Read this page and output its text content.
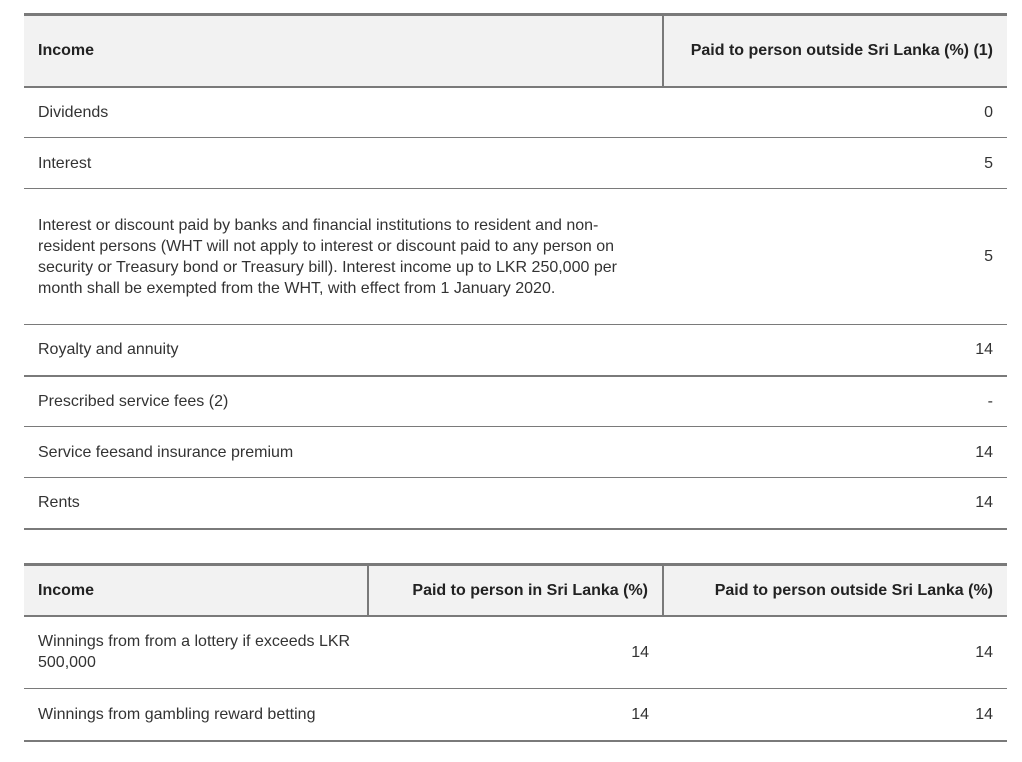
Income	Paid to person outside Sri Lanka (%) (1)
Dividends	0
Interest	5
Interest or discount paid by banks and financial institutions to resident and non-resident persons (WHT will not apply to interest or discount paid to any person on security or Treasury bond or Treasury bill). Interest income up to LKR 250,000 per month shall be exempted from the WHT, with effect from 1 January 2020.	5
Royalty and annuity	14
Prescribed service fees (2)	-
Service feesand insurance premium	14
Rents	14
Income	Paid to person in Sri Lanka (%)	Paid to person outside Sri Lanka (%)
Winnings from from a lottery if exceeds LKR 500,000	14	14
Winnings from gambling reward betting	14	14
